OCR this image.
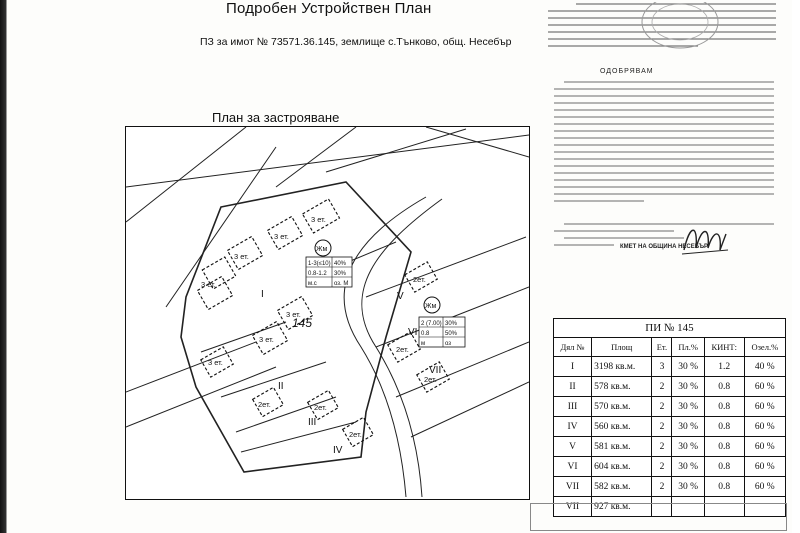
Подробен Устройствен План
ПЗ за имот № 73571.36.145, землище с.Тънково, общ. Несебър
План за застрояване
ОДОБРЯВАМ
КМЕТ НА ОБЩИНА НЕСЕБЪР
3 ет.
3 ет.
3 ет.
3 ет.
3 ет.
3 ет.
3 ет.
2ет.
2ет.
2ет.
2ет.	2ет.
2ет.
I
II
III
IV
V
VI
VII
145
Жм
Жм
1-3(≤10) 40%
0.8-1.2 30%
м.с	оз. М
2 (7.00) 30%
0.8	50%
м	оз
ПИ № 145					
Дял №	Площ	Ет.	Пл.%	КИНТ:	Озел.%
I	3198 кв.м.	3	30 %	1.2	40 %
II	578 кв.м.	2	30 %	0.8	60 %
III	570 кв.м.	2	30 %	0.8	60 %
IV	560 кв.м.	2	30 %	0.8	60 %
V	581 кв.м.	2	30 %	0.8	60 %
VI	604 кв.м.	2	30 %	0.8	60 %
VII	582 кв.м.	2	30 %	0.8	60 %
VII	927 кв.м.				
